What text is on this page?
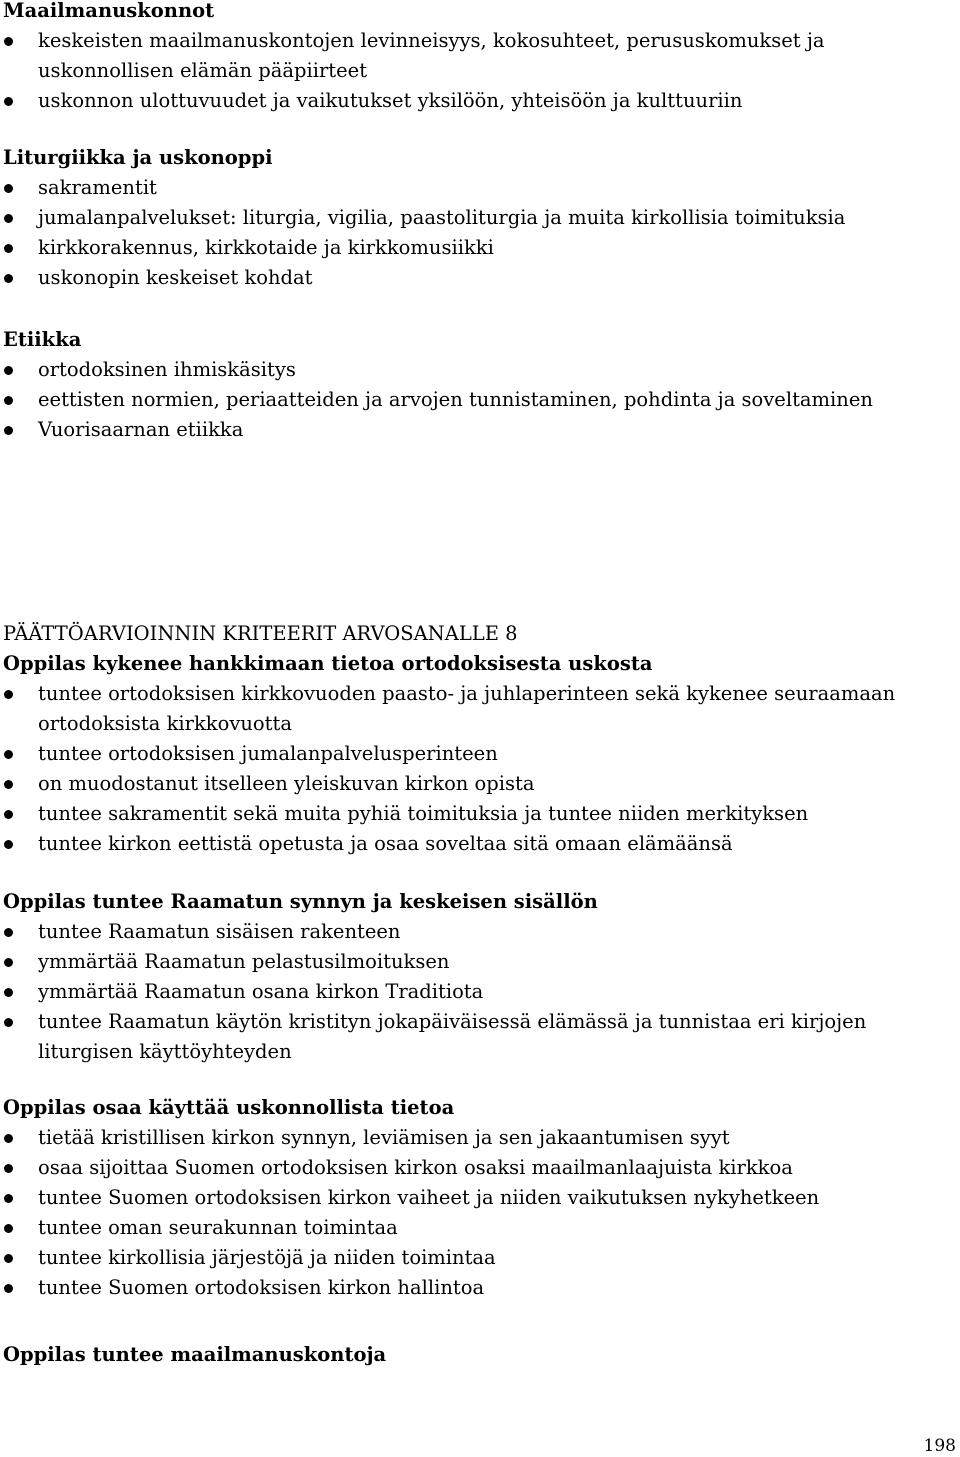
Maailmanuskonnot
keskeisten maailmanuskontojen levinneisyys, kokosuhteet, perususkomukset ja uskonnollisen elämän pääpiirteet
uskonnon ulottuvuudet ja vaikutukset yksilöön, yhteisöön ja kulttuuriin
Liturgiikka ja uskonoppi
sakramentit
jumalanpalvelukset: liturgia, vigilia, paastoliturgia ja muita kirkollisia toimituksia
kirkkorakennus, kirkkotaide ja kirkkomusiikki
uskonopin keskeiset kohdat
Etiikka
ortodoksinen ihmiskäsitys
eettisten normien, periaatteiden ja arvojen tunnistaminen, pohdinta ja soveltaminen
Vuorisaarnan etiikka
PÄÄTTÖARVIOINNIN KRITEERIT ARVOSANALLE 8
Oppilas kykenee hankkimaan tietoa ortodoksisesta uskosta
tuntee ortodoksisen kirkkovuoden paasto- ja juhlaperinteen sekä kykenee seuraamaan ortodoksista kirkkovuotta
tuntee ortodoksisen jumalanpalvelusperinteen
on muodostanut itselleen yleiskuvan kirkon opista
tuntee sakramentit sekä muita pyhiä toimituksia ja tuntee niiden merkityksen
tuntee kirkon eettistä opetusta ja osaa soveltaa sitä omaan elämäänsä
Oppilas tuntee Raamatun synnyn ja keskeisen sisällön
tuntee Raamatun sisäisen rakenteen
ymmärtää Raamatun pelastusilmoituksen
ymmärtää Raamatun osana kirkon Traditiota
tuntee Raamatun käytön kristityn jokapäiväisessä elämässä ja tunnistaa eri kirjojen liturgisen käyttöyhteyden
Oppilas osaa käyttää uskonnollista tietoa
tietää kristillisen kirkon synnyn, leviämisen ja sen jakaantumisen syyt
osaa sijoittaa Suomen ortodoksisen kirkon osaksi maailmanlaajuista kirkkoa
tuntee Suomen ortodoksisen kirkon vaiheet ja niiden vaikutuksen nykyhetkeen
tuntee oman seurakunnan toimintaa
tuntee kirkollisia järjestöjä ja niiden toimintaa
tuntee Suomen ortodoksisen kirkon hallintoa
Oppilas tuntee maailmanuskontoja
198
